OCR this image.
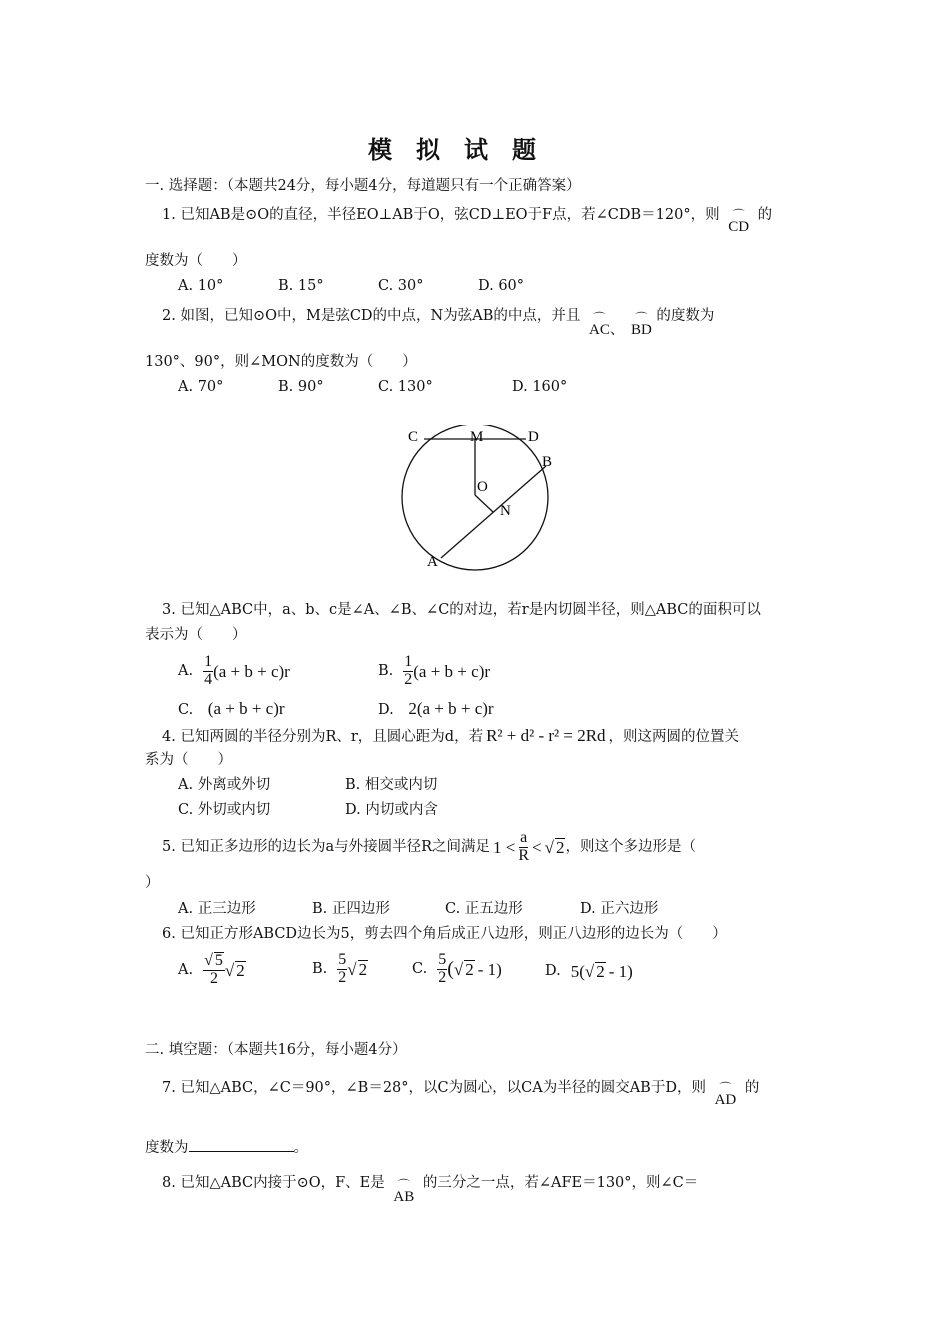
模　拟　试　题
一. 选择题：（本题共24分，每小题4分，每道题只有一个正确答案）
1. 已知AB是⊙O的直径，半径EO⊥AB于O，弦CD⊥EO于F点，若∠CDB＝120°，则 ⌒
CD 的
度数为（　　）
A. 10°	B. 15°	C. 30°	D. 60°
2. 如图，已知⊙O中，M是弦CD的中点，N为弦AB的中点，并且 ⌒
AC、
⌒
BD 的度数为
130°、90°，则∠MON的度数为（　　）
A. 70°	B. 90°	C. 130°	D. 160°
C	M	D
B
O
N
A
3. 已知△ABC中，a、b、c是∠A、∠B、∠C的对边，若r是内切圆半径，则△ABC的面积可以
表示为（　　）
A. $\frac{1}{4} (a + b + c)r$	B. $\frac{1}{2} (a + b + c)r$
C. (a + b + c)r	D. 2(a + b + c)r
4. 已知两圆的半径分别为R、r，且圆心距为d，若 R² + d² - r² = 2Rd ，则这两圆的位置关
系为（　　）
A. 外离或外切	B. 相交或内切
C. 外切或内切	D. 内切或内含
5. 已知正多边形的边长为a与外接圆半径R之间满足 $1 < \frac{a}{R}$ < √ 2 ，则这个多边形是（
）
A. 正三边形	B. 正四边形	C. 正五边形	D. 正六边形
6. 已知正方形ABCD边长为5，剪去四个角后成正八边形，则正八边形的边长为（　　）
A. $\frac{√ 5}{2}$ √ 2	B. $\frac{5}{2}$ √ 2	C. $\frac{5}{2}$ ( √ 2 - 1)	D. 5( √ 2 - 1)
二. 填空题：（本题共16分，每小题4分）
7. 已知△ABC，∠C＝90°，∠B＝28°，以C为圆心，以CA为半径的圆交AB于D，则 ⌒
AD 的
度数为	。
8. 已知△ABC内接于⊙O，F、E是 ⌒
AB 的三分之一点，若∠AFE＝130°，则∠C＝
